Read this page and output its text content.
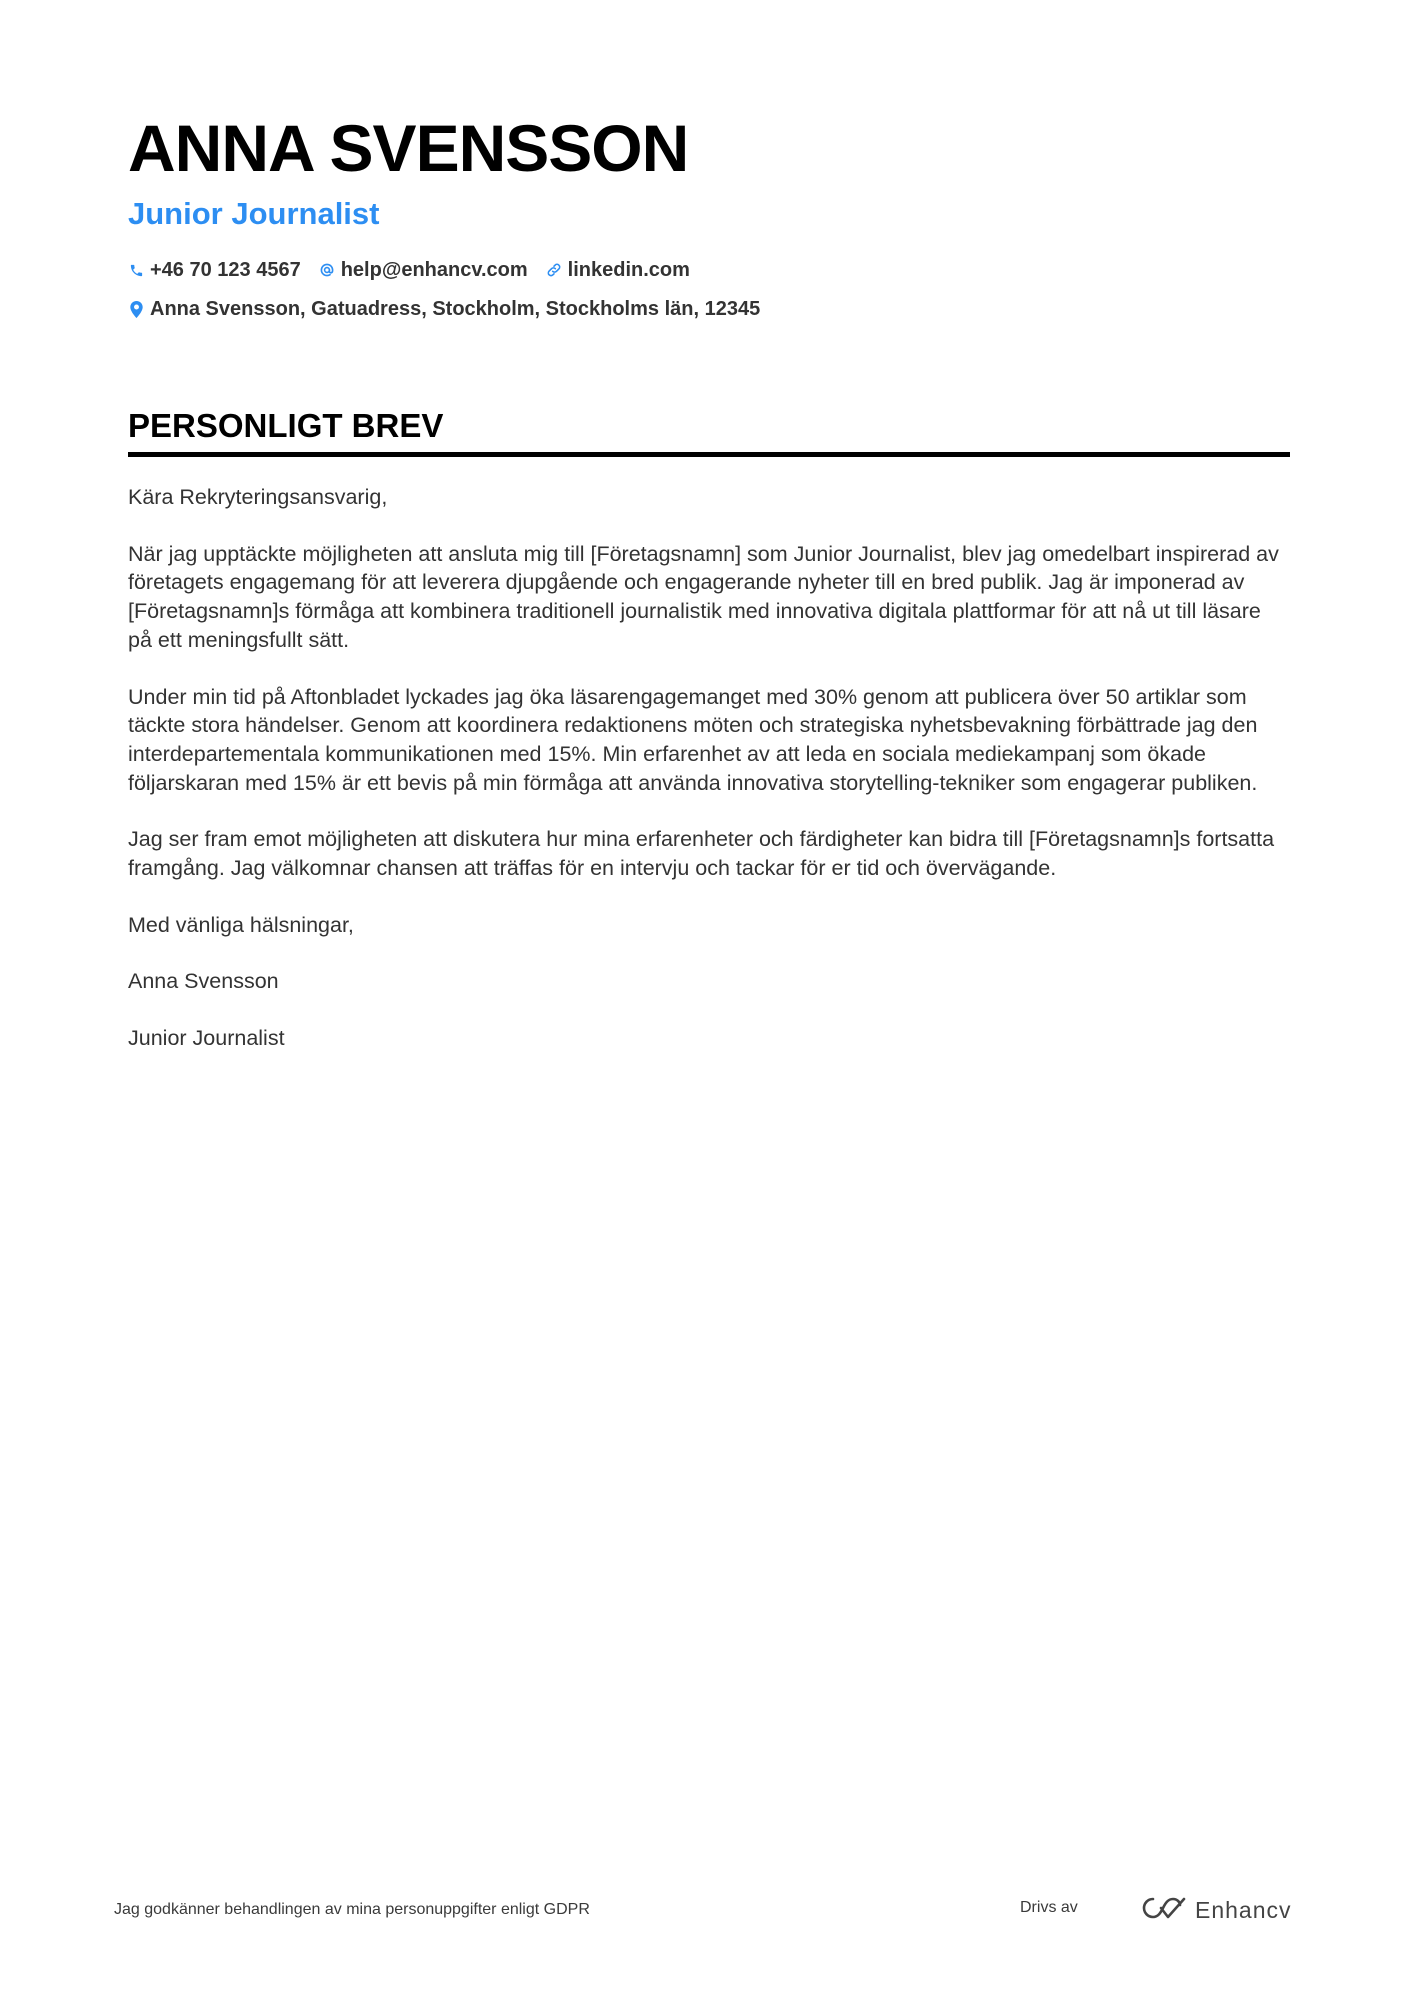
ANNA SVENSSON
Junior Journalist
+46 70 123 4567 help@enhancv.com linkedin.com
Anna Svensson, Gatuadress, Stockholm, Stockholms län, 12345
PERSONLIGT BREV

Kära Rekryteringsansvarig,

När jag upptäckte möjligheten att ansluta mig till [Företagsnamn] som Junior Journalist, blev jag omedelbart inspirerad av företagets engagemang för att leverera djupgående och engagerande nyheter till en bred publik. Jag är imponerad av [Företagsnamn]s förmåga att kombinera traditionell journalistik med innovativa digitala plattformar för att nå ut till läsare på ett meningsfullt sätt.

Under min tid på Aftonbladet lyckades jag öka läsarengagemanget med 30% genom att publicera över 50 artiklar som täckte stora händelser. Genom att koordinera redaktionens möten och strategiska nyhetsbevakning förbättrade jag den interdepartementala kommunikationen med 15%. Min erfarenhet av att leda en sociala mediekampanj som ökade följarskaran med 15% är ett bevis på min förmåga att använda innovativa storytelling-tekniker som engagerar publiken.

Jag ser fram emot möjligheten att diskutera hur mina erfarenheter och färdigheter kan bidra till [Företagsnamn]s fortsatta framgång. Jag välkomnar chansen att träffas för en intervju och tackar för er tid och övervägande.

Med vänliga hälsningar,

Anna Svensson

Junior Journalist

Jag godkänner behandlingen av mina personuppgifter enligt GDPR	Drivs av	Enhancv
